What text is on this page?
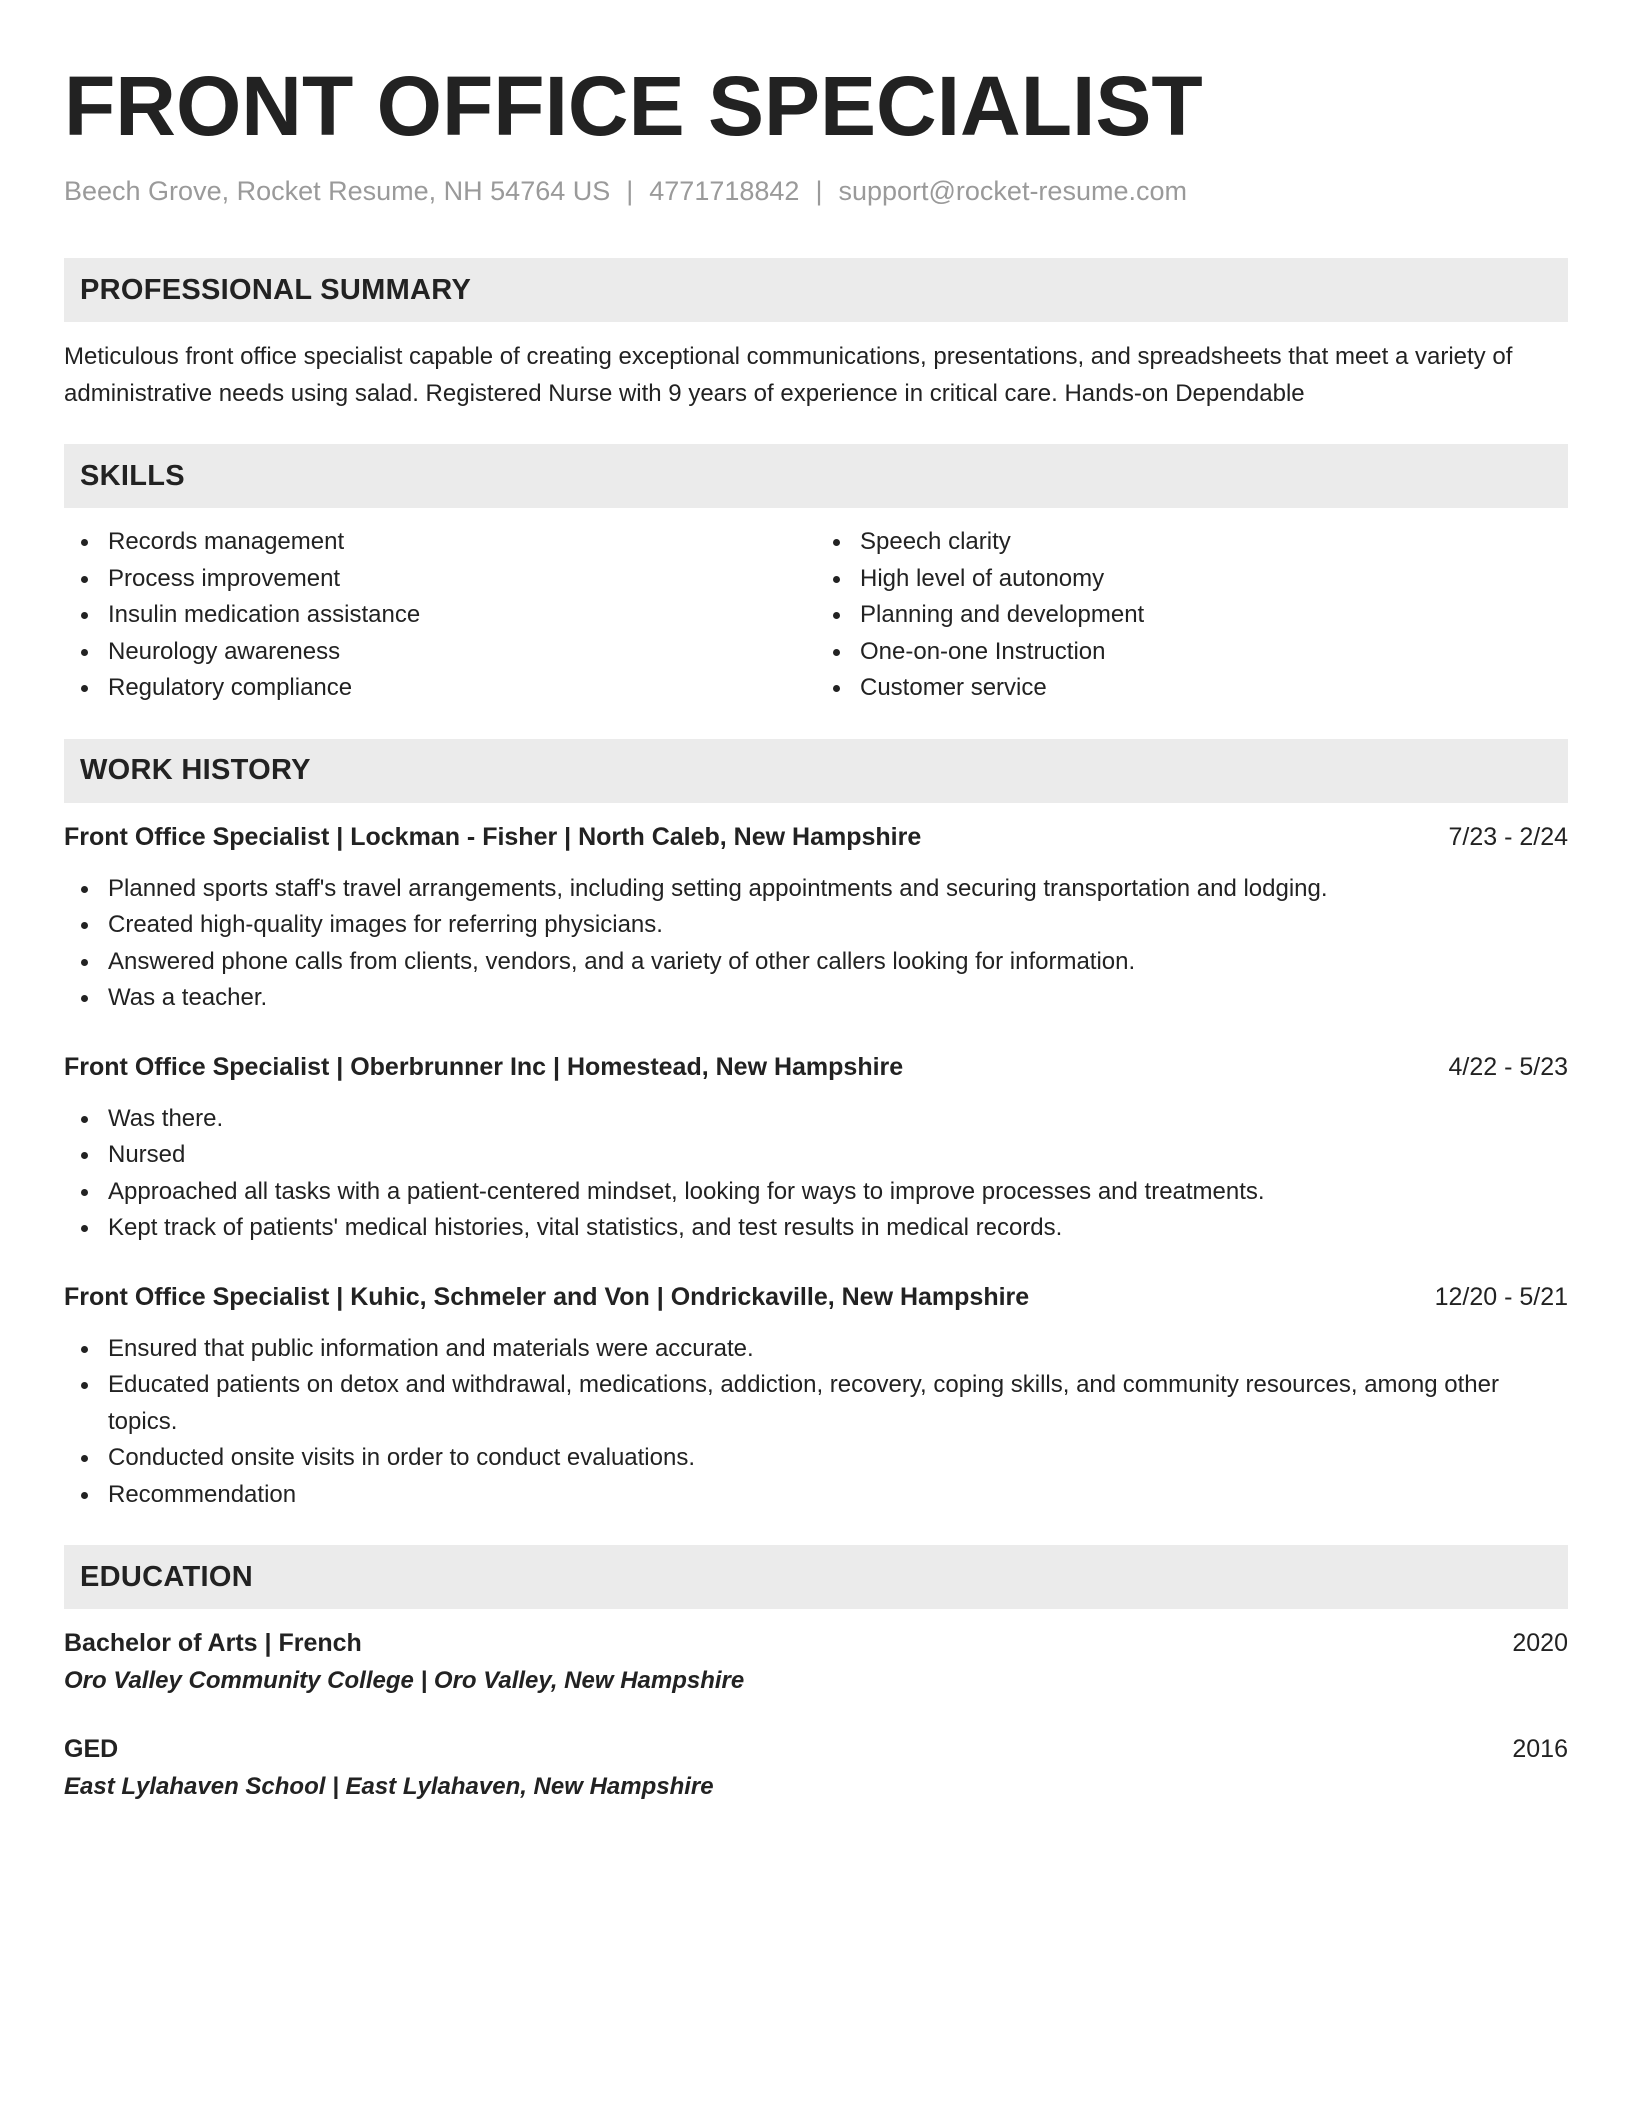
FRONT OFFICE SPECIALIST
Beech Grove, Rocket Resume, NH 54764 US | 4771718842 | support@rocket-resume.com
PROFESSIONAL SUMMARY
Meticulous front office specialist capable of creating exceptional communications, presentations, and spreadsheets that meet a variety of administrative needs using salad. Registered Nurse with 9 years of experience in critical care. Hands-on Dependable
SKILLS
Records management
Process improvement
Insulin medication assistance
Neurology awareness
Regulatory compliance
Speech clarity
High level of autonomy
Planning and development
One-on-one Instruction
Customer service
WORK HISTORY
Front Office Specialist | Lockman - Fisher | North Caleb, New Hampshire	7/23 - 2/24
Planned sports staff's travel arrangements, including setting appointments and securing transportation and lodging.
Created high-quality images for referring physicians.
Answered phone calls from clients, vendors, and a variety of other callers looking for information.
Was a teacher.
Front Office Specialist | Oberbrunner Inc | Homestead, New Hampshire	4/22 - 5/23
Was there.
Nursed
Approached all tasks with a patient-centered mindset, looking for ways to improve processes and treatments.
Kept track of patients' medical histories, vital statistics, and test results in medical records.
Front Office Specialist | Kuhic, Schmeler and Von | Ondrickaville, New Hampshire	12/20 - 5/21
Ensured that public information and materials were accurate.
Educated patients on detox and withdrawal, medications, addiction, recovery, coping skills, and community resources, among other topics.
Conducted onsite visits in order to conduct evaluations.
Recommendation
EDUCATION
Bachelor of Arts | French	2020
Oro Valley Community College | Oro Valley, New Hampshire
GED	2016
East Lylahaven School | East Lylahaven, New Hampshire
